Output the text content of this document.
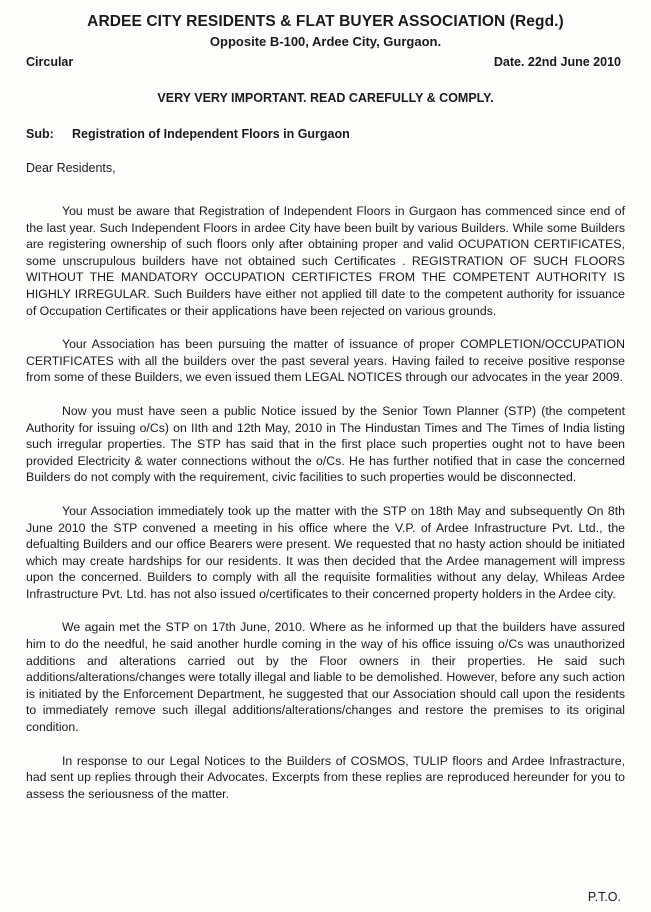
ARDEE CITY RESIDENTS & FLAT BUYER ASSOCIATION (Regd.)
Opposite B-100, Ardee City, Gurgaon.
Circular	Date. 22nd June 2010
VERY VERY IMPORTANT. READ CAREFULLY & COMPLY.
Sub:	Registration of Independent Floors in Gurgaon
Dear Residents,

You must be aware that Registration of Independent Floors in Gurgaon has commenced since end of the last year. Such Independent Floors in ardee City have been built by various Builders. While some Builders are registering ownership of such floors only after obtaining proper and valid OCUPATION CERTIFICATES, some unscrupulous builders have not obtained such Certificates . REGISTRATION OF SUCH FLOORS WITHOUT THE MANDATORY OCCUPATION CERTIFICTES FROM THE COMPETENT AUTHORITY IS HIGHLY IRREGULAR. Such Builders have either not applied till date to the competent authority for issuance of Occupation Certificates or their applications have been rejected on various grounds.

Your Association has been pursuing the matter of issuance of proper COMPLETION/OCCUPATION CERTIFICATES with all the builders over the past several years. Having failed to receive positive response from some of these Builders, we even issued them LEGAL NOTICES through our advocates in the year 2009.

Now you must have seen a public Notice issued by the Senior Town Planner (STP) (the competent Authority for issuing o/Cs) on IIth and 12th May, 2010 in The Hindustan Times and The Times of India listing such irregular properties. The STP has said that in the first place such properties ought not to have been provided Electricity & water connections without the o/Cs. He has further notified that in case the concerned Builders do not comply with the requirement, civic facilities to such properties would be disconnected.

Your Association immediately took up the matter with the STP on 18th May and subsequently On 8th June 2010 the STP convened a meeting in his office where the V.P. of Ardee Infrastructure Pvt. Ltd., the defualting Builders and our office Bearers were present. We requested that no hasty action should be initiated which may create hardships for our residents. It was then decided that the Ardee management will impress upon the concerned. Builders to comply with all the requisite formalities without any delay, Whileas Ardee Infrastructure Pvt. Ltd. has not also issued o/certificates to their concerned property holders in the Ardee city.

We again met the STP on 17th June, 2010. Where as he informed up that the builders have assured him to do the needful, he said another hurdle coming in the way of his office issuing o/Cs was unauthorized additions and alterations carried out by the Floor owners in their properties. He said such additions/alterations/changes were totally illegal and liable to be demolished. However, before any such action is initiated by the Enforcement Department, he suggested that our Association should call upon the residents to immediately remove such illegal additions/alterations/changes and restore the premises to its original condition.

In response to our Legal Notices to the Builders of COSMOS, TULIP floors and Ardee Infrastracture, had sent up replies through their Advocates. Excerpts from these replies are reproduced hereunder for you to assess the seriousness of the matter.

P.T.O.
